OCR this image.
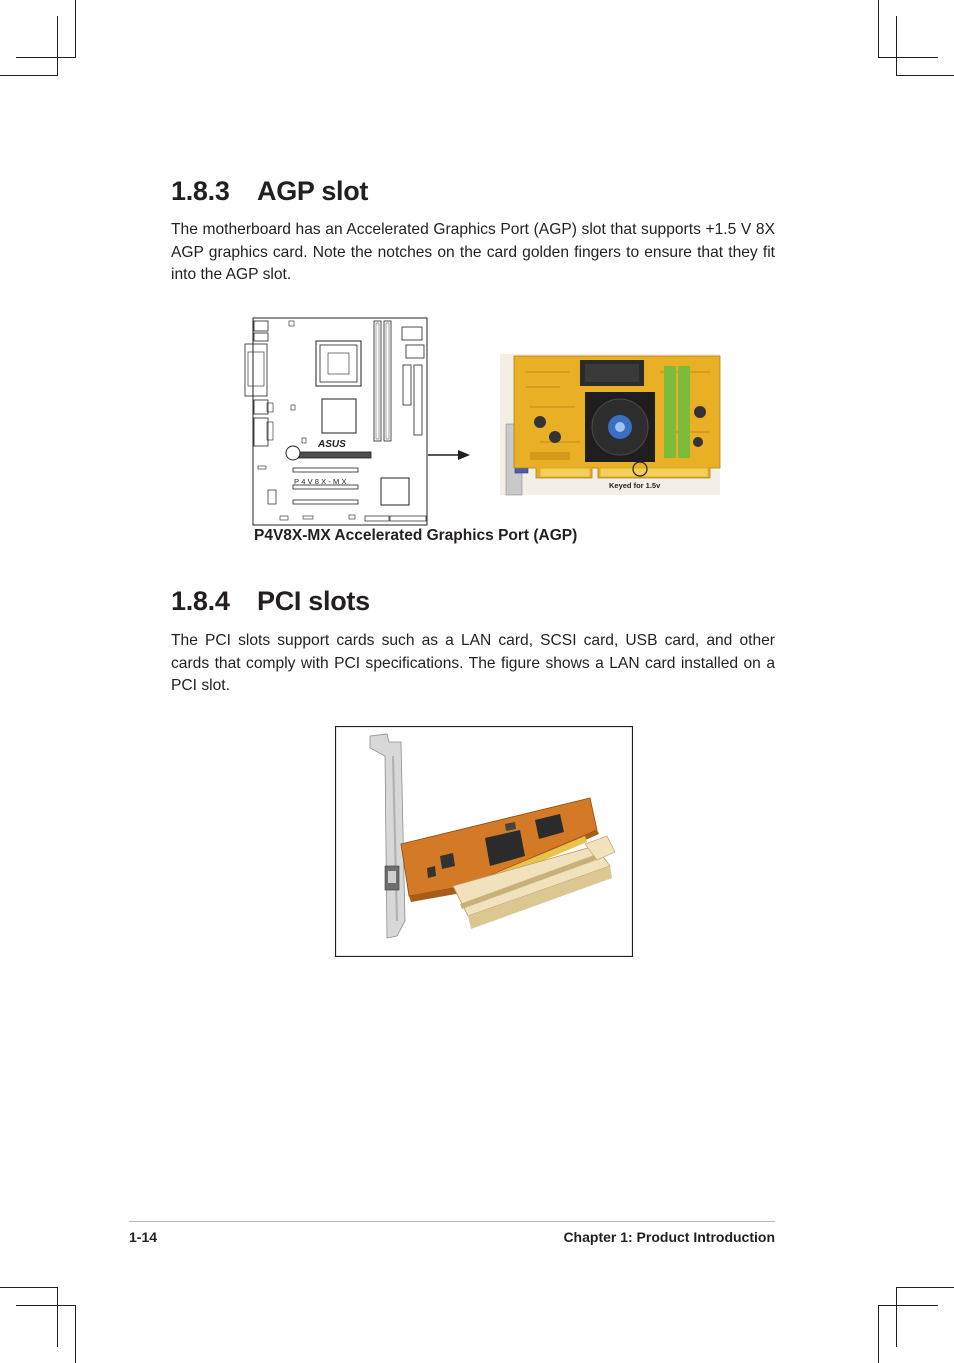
1.8.3 AGP slot

The motherboard has an Accelerated Graphics Port (AGP) slot that supports +1.5 V 8X AGP graphics card. Note the notches on the card golden fingers to ensure that they fit into the AGP slot.

ASUS
P4V8X-MX	Keyed for 1.5v
P4V8X-MX Accelerated Graphics Port (AGP)
1.8.4 PCI slots

The PCI slots support cards such as a LAN card, SCSI card, USB card, and other cards that comply with PCI specifications. The figure shows a LAN card installed on a PCI slot.

1-14	Chapter 1: Product Introduction
